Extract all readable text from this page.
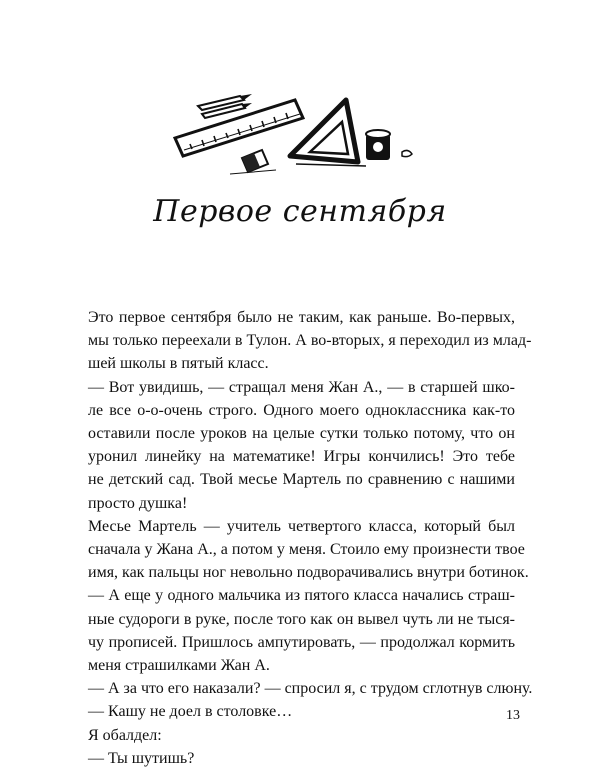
Первое сентября

Это первое сентября было не таким, как раньше. Во-первых,
мы только переехали в Тулон. А во-вторых, я переходил из млад-
шей школы в пятый класс.

— Вот увидишь, — стращал меня Жан А., — в старшей шко-
ле все о-о-очень строго. Одного моего одноклассника как-то
оставили после уроков на целые сутки только потому, что он
уронил линейку на математике! Игры кончились! Это тебе
не детский сад. Твой месье Мартель по сравнению с нашими
просто душка!

Месье Мартель — учитель четвертого класса, который был
сначала у Жана А., а потом у меня. Стоило ему произнести твое
имя, как пальцы ног невольно подворачивались внутри ботинок.

— А еще у одного мальчика из пятого класса начались страш-
ные судороги в руке, после того как он вывел чуть ли не тыся-
чу прописей. Пришлось ампутировать, — продолжал кормить
меня страшилками Жан А.

— А за что его наказали? — спросил я, с трудом сглотнув слюну.

— Кашу не доел в столовке…

Я обалдел:

— Ты шутишь?

13
